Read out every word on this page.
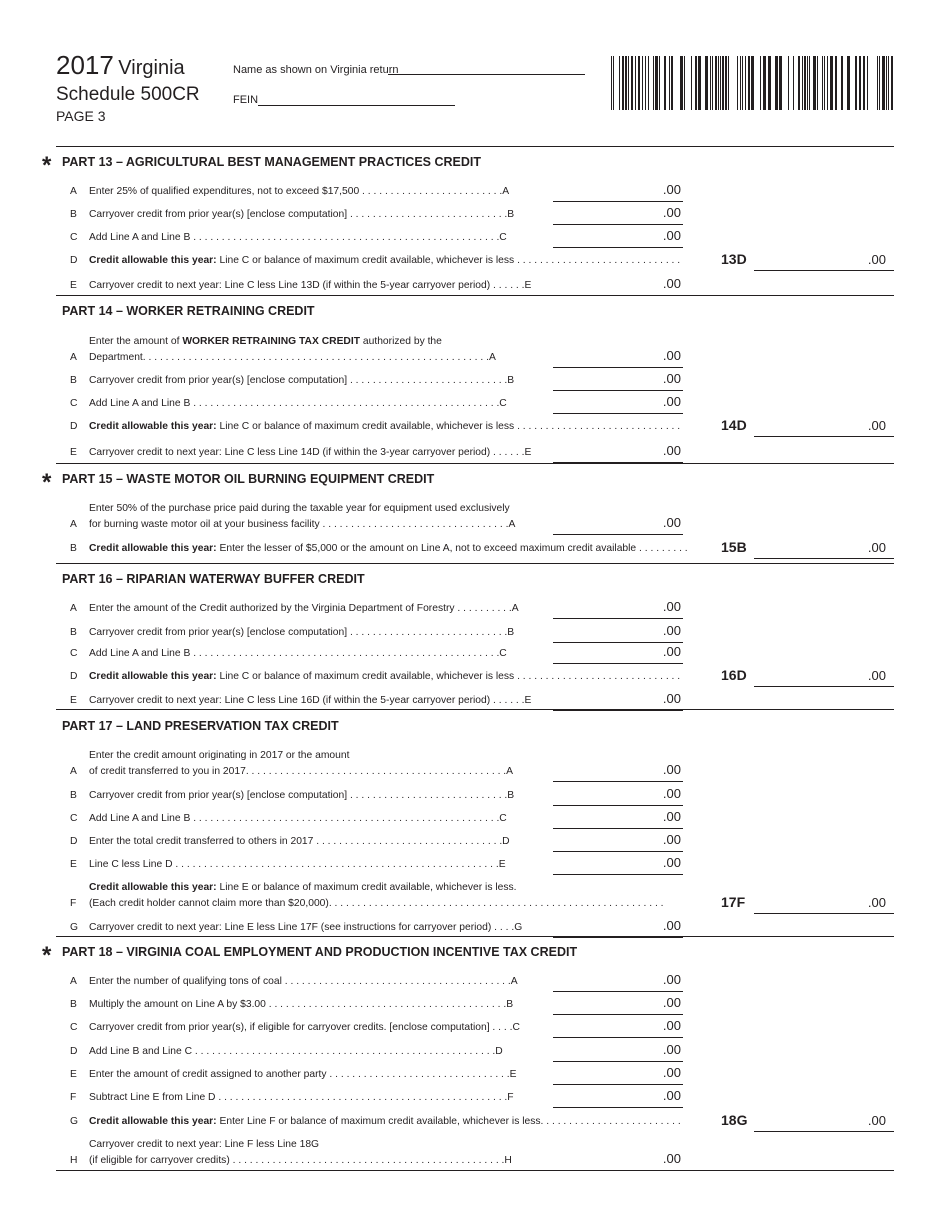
2017 Virginia
Schedule 500CR
PAGE 3
Name as shown on Virginia return
FEIN
* PART 13 – AGRICULTURAL BEST MANAGEMENT PRACTICES CREDIT
A Enter 25% of qualified expenditures, not to exceed $17,500 . . . . . . . . . . . . . . . . . . . . . . . . .A	.00
B Carryover credit from prior year(s) [enclose computation] . . . . . . . . . . . . . . . . . . . . . . . . . . . .B	.00
C Add Line A and Line B . . . . . . . . . . . . . . . . . . . . . . . . . . . . . . . . . . . . . . . . . . . . . . . . . . . . . .C	.00
D Credit allowable this year: Line C or balance of maximum credit available, whichever is less . . . . . . . . . . . . . . . . . . . . . . . . . . . . .	13D	.00
E Carryover credit to next year: Line C less Line 13D (if within the 5-year carryover period) . . . . . .E	.00
PART 14 – WORKER RETRAINING CREDIT
A
Enter the amount of WORKER RETRAINING TAX CREDIT authorized by the
Department. . . . . . . . . . . . . . . . . . . . . . . . . . . . . . . . . . . . . . . . . . . . . . . . . . . . . . . . . . . . .A	.00
B Carryover credit from prior year(s) [enclose computation] . . . . . . . . . . . . . . . . . . . . . . . . . . . .B	.00
C Add Line A and Line B . . . . . . . . . . . . . . . . . . . . . . . . . . . . . . . . . . . . . . . . . . . . . . . . . . . . . .C	.00
D Credit allowable this year: Line C or balance of maximum credit available, whichever is less . . . . . . . . . . . . . . . . . . . . . . . . . . . . .	14D	.00
E Carryover credit to next year: Line C less Line 14D (if within the 3-year carryover period) . . . . . .E	.00
* PART 15 – WASTE MOTOR OIL BURNING EQUIPMENT CREDIT
A
Enter 50% of the purchase price paid during the taxable year for equipment used exclusively
for burning waste motor oil at your business facility . . . . . . . . . . . . . . . . . . . . . . . . . . . . . . . . .A	.00
B Credit allowable this year: Enter the lesser of $5,000 or the amount on Line A, not to exceed maximum credit available . . . . . . . . .	15B	.00
PART 16 – RIPARIAN WATERWAY BUFFER CREDIT
A Enter the amount of the Credit authorized by the Virginia Department of Forestry . . . . . . . . . .A	.00
B Carryover credit from prior year(s) [enclose computation] . . . . . . . . . . . . . . . . . . . . . . . . . . . .B	.00
C Add Line A and Line B . . . . . . . . . . . . . . . . . . . . . . . . . . . . . . . . . . . . . . . . . . . . . . . . . . . . . .C	.00
D Credit allowable this year: Line C or balance of maximum credit available, whichever is less . . . . . . . . . . . . . . . . . . . . . . . . . . . . .	16D	.00
E Carryover credit to next year: Line C less Line 16D (if within the 5-year carryover period) . . . . . .E	.00
PART 17 – LAND PRESERVATION TAX CREDIT
A
Enter the credit amount originating in 2017 or the amount
of credit transferred to you in 2017. . . . . . . . . . . . . . . . . . . . . . . . . . . . . . . . . . . . . . . . . . . . . .A	.00
B Carryover credit from prior year(s) [enclose computation] . . . . . . . . . . . . . . . . . . . . . . . . . . . .B	.00
C Add Line A and Line B . . . . . . . . . . . . . . . . . . . . . . . . . . . . . . . . . . . . . . . . . . . . . . . . . . . . . .C	.00
D Enter the total credit transferred to others in 2017 . . . . . . . . . . . . . . . . . . . . . . . . . . . . . . . . .D	.00
E Line C less Line D . . . . . . . . . . . . . . . . . . . . . . . . . . . . . . . . . . . . . . . . . . . . . . . . . . . . . . . . .E	.00
F
Credit allowable this year: Line E or balance of maximum credit available, whichever is less.
(Each credit holder cannot claim more than $20,000). . . . . . . . . . . . . . . . . . . . . . . . . . . . . . . . . . . . . . . . . . . . . . . . . . . . . . . . . . .	17F	.00
G Carryover credit to next year: Line E less Line 17F (see instructions for carryover period) . . . .G	.00
* PART 18 – VIRGINIA COAL EMPLOYMENT AND PRODUCTION INCENTIVE TAX CREDIT
A Enter the number of qualifying tons of coal . . . . . . . . . . . . . . . . . . . . . . . . . . . . . . . . . . . . . . . .A	.00
B Multiply the amount on Line A by $3.00 . . . . . . . . . . . . . . . . . . . . . . . . . . . . . . . . . . . . . . . . . .B	.00
C Carryover credit from prior year(s), if eligible for carryover credits. [enclose computation] . . . .C	.00
D Add Line B and Line C . . . . . . . . . . . . . . . . . . . . . . . . . . . . . . . . . . . . . . . . . . . . . . . . . . . . .D	.00
E Enter the amount of credit assigned to another party . . . . . . . . . . . . . . . . . . . . . . . . . . . . . . . .E	.00
F Subtract Line E from Line D . . . . . . . . . . . . . . . . . . . . . . . . . . . . . . . . . . . . . . . . . . . . . . . . . . .F	.00
G Credit allowable this year: Enter Line F or balance of maximum credit available, whichever is less. . . . . . . . . . . . . . . . . . . . . . . . .	18G	.00
H
Carryover credit to next year: Line F less Line 18G
(if eligible for carryover credits) . . . . . . . . . . . . . . . . . . . . . . . . . . . . . . . . . . . . . . . . . . . . . . . .H	.00
